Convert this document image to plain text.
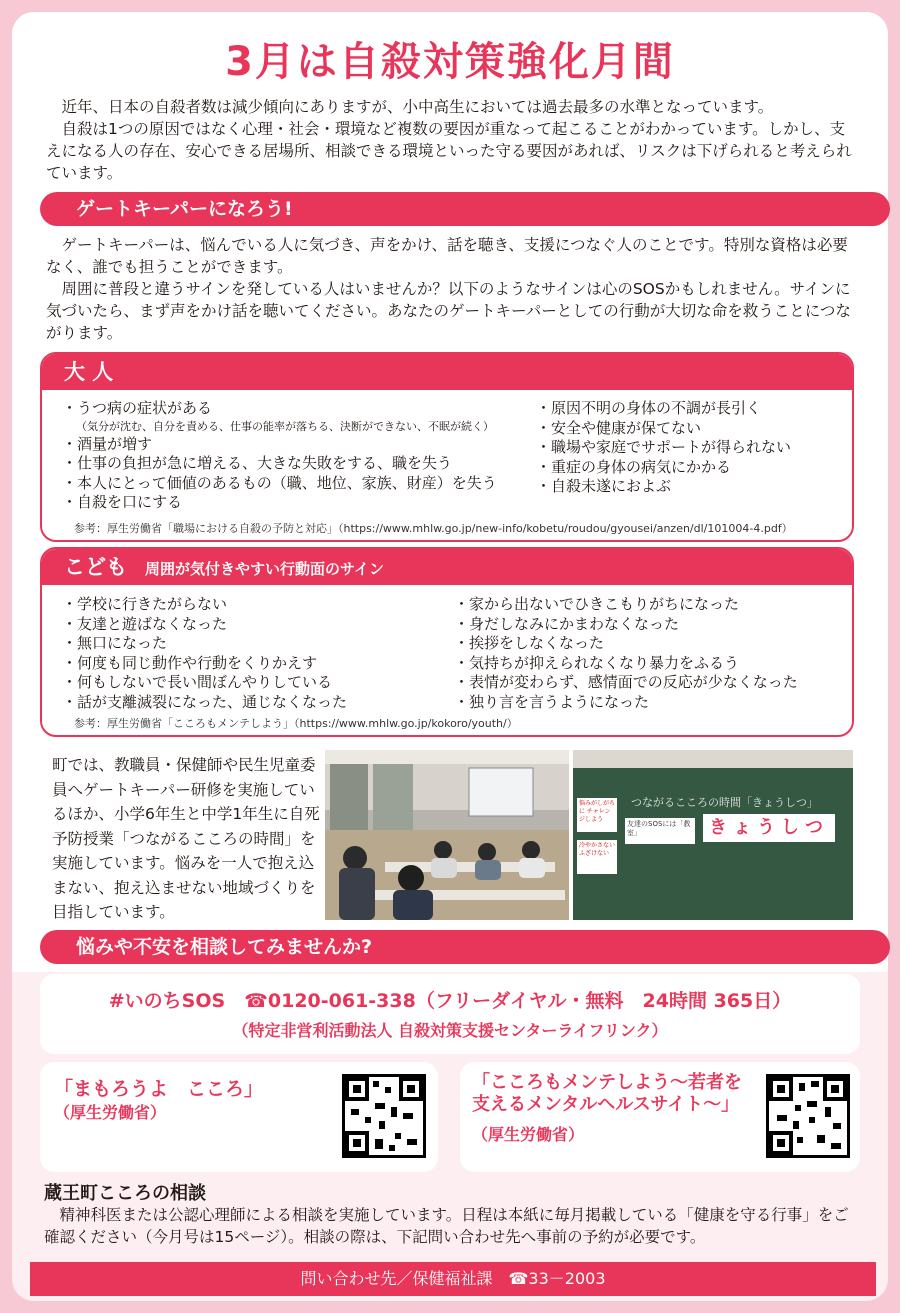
3月は自殺対策強化月間

近年、日本の自殺者数は減少傾向にありますが、小中高生においては過去最多の水準となっています。

自殺は1つの原因ではなく心理・社会・環境など複数の要因が重なって起こることがわかっています。しかし、支えになる人の存在、安心できる居場所、相談できる環境といった守る要因があれば、リスクは下げられると考えられています。

ゲートキーパーになろう!

ゲートキーパーは、悩んでいる人に気づき、声をかけ、話を聴き、支援につなぐ人のことです。特別な資格は必要なく、誰でも担うことができます。

周囲に普段と違うサインを発している人はいませんか？以下のようなサインは心のSOSかもしれません。サインに気づいたら、まず声をかけ話を聴いてください。あなたのゲートキーパーとしての行動が大切な命を救うことにつながります。

大 人
・うつ病の症状がある
（気分が沈む、自分を責める、仕事の能率が落ちる、決断ができない、不眠が続く）
・酒量が増す
・仕事の負担が急に増える、大きな失敗をする、職を失う
・本人にとって価値のあるもの（職、地位、家族、財産）を失う
・自殺を口にする
・原因不明の身体の不調が長引く
・安全や健康が保てない
・職場や家庭でサポートが得られない
・重症の身体の病気にかかる
・自殺未遂におよぶ
参考：厚生労働省「職場における自殺の予防と対応」（https://www.mhlw.go.jp/new-info/kobetu/roudou/gyousei/anzen/dl/101004-4.pdf）
こども 周囲が気付きやすい行動面のサイン
・学校に行きたがらない
・友達と遊ばなくなった
・無口になった
・何度も同じ動作や行動をくりかえす
・何もしないで長い間ぼんやりしている
・話が支離滅裂になった、通じなくなった
・家から出ないでひきこもりがちになった
・身だしなみにかまわなくなった
・挨拶をしなくなった
・気持ちが抑えられなくなり暴力をふるう
・表情が変わらず、感情面での反応が少なくなった
・独り言を言うようになった
参考：厚生労働省「こころもメンテしよう」（https://www.mhlw.go.jp/kokoro/youth/）
町では、教職員・保健師や民生児童委員へゲートキーパー研修を実施しているほか、小学6年生と中学1年生に自死予防授業「つながるこころの時間」を実施しています。悩みを一人で抱え込まない、抱え込ませない地域づくりを目指しています。
つながるこころの時間「きょうしつ」
悩みがしがちに チャレンジしよう
冷やかさない ふざけない
友達のSOSには「教室」	きょうしつ
悩みや不安を相談してみませんか?
#いのちSOS　☎0120-061-338（フリーダイヤル・無料　24時間 365日）
（特定非営利活動法人 自殺対策支援センターライフリンク）
「まもろうよ　こころ」
（厚生労働省）
「こころもメンテしよう～若者を
支えるメンタルヘルスサイト～」
（厚生労働省）
蔵王町こころの相談
精神科医または公認心理師による相談を実施しています。日程は本紙に毎月掲載している「健康を守る行事」をご確認ください（今月号は15ページ）。相談の際は、下記問い合わせ先へ事前の予約が必要です。
問い合わせ先／保健福祉課　☎33－2003
